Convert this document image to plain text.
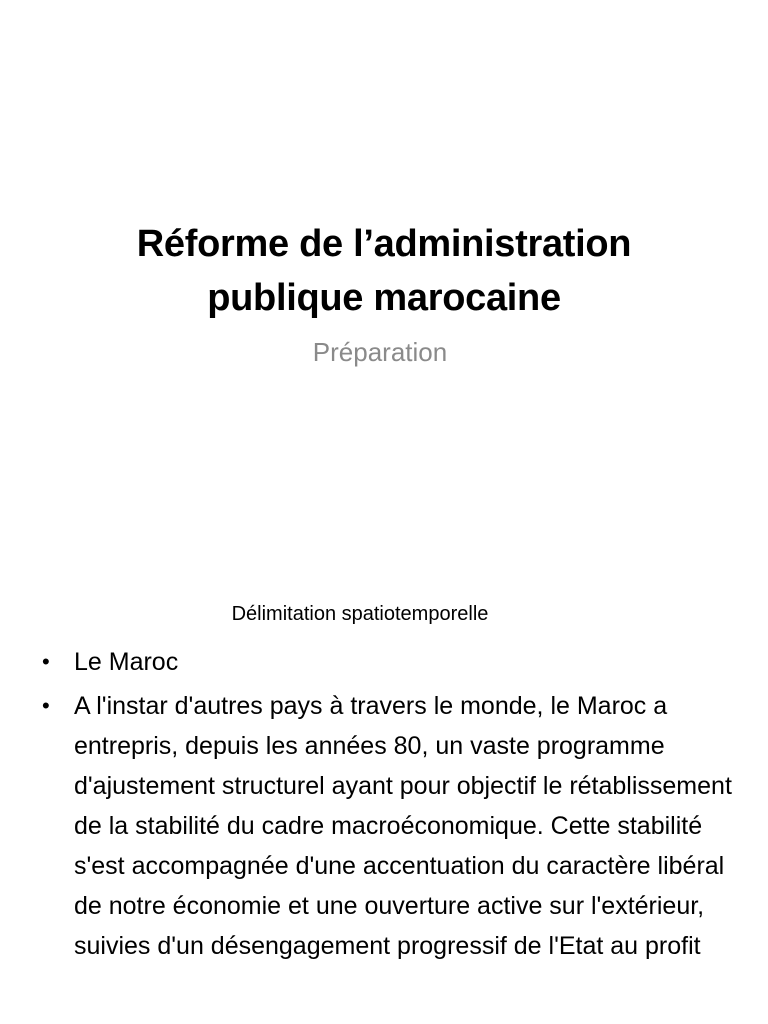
Réforme de l’administration publique marocaine
Préparation
Délimitation spatiotemporelle
• Le Maroc
• A l'instar d'autres pays à travers le monde, le Maroc a entrepris, depuis les années 80, un vaste programme d'ajustement structurel ayant pour objectif le rétablissement de la stabilité du cadre macroéconomique. Cette stabilité s'est accompagnée d'une accentuation du caractère libéral de notre économie et une ouverture active sur l'extérieur, suivies d'un désengagement progressif de l'Etat au profit
